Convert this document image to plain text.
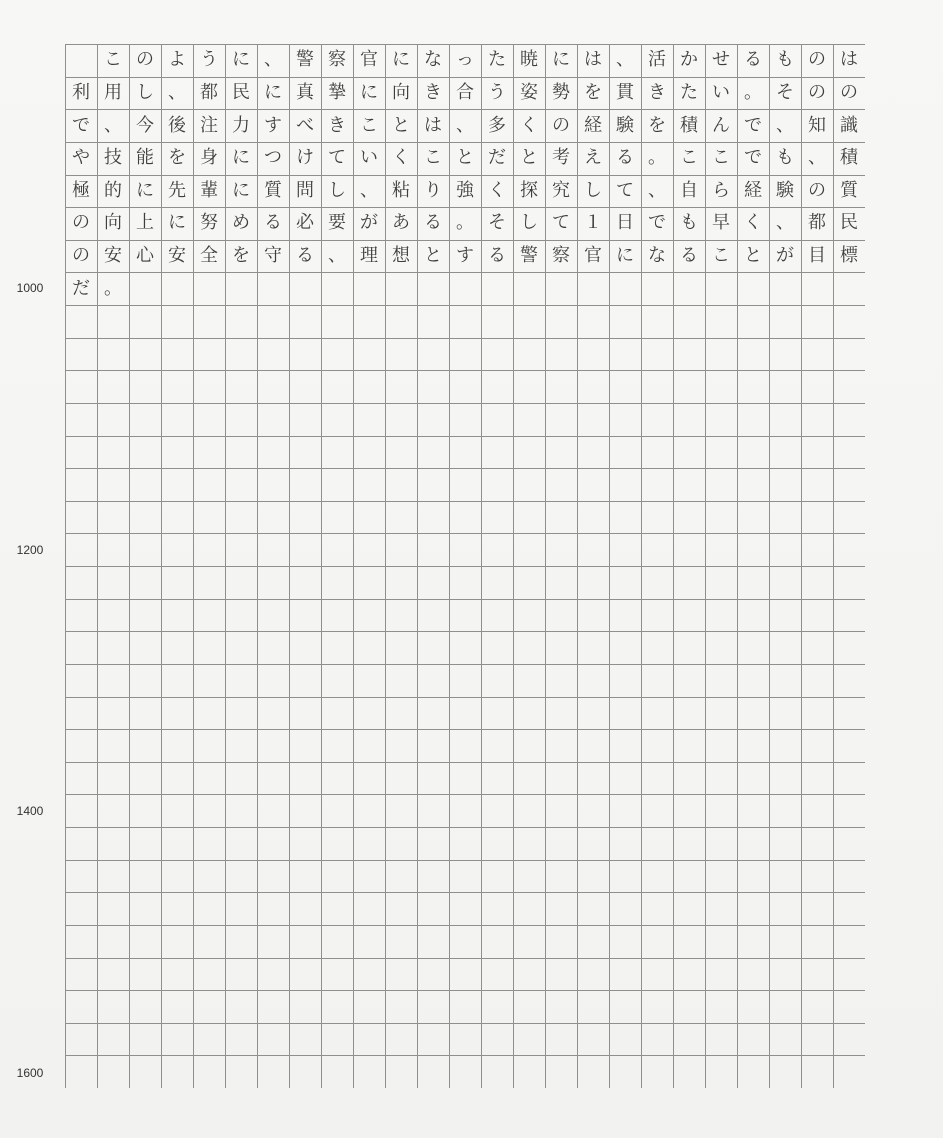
こ の よ う に 、 警 察 官 に な っ た 暁 に は 、 活 か せ る も の は
利 用 し 、 都 民 に 真 摯 に 向 き 合 う 姿 勢 を 貫 き た い 。 そ の の
で 、 今 後 注 力 す べ き こ と は 、 多 く の 経 験 を 積 ん で 、 知 識
や 技 能 を 身 に つ け て い く こ と だ と 考 え る 。 こ こ で も 、 積
極 的 に 先 輩 に 質 問 し 、 粘 り 強 く 探 究 し て 、 自 ら 経 験 の 質
の 向 上 に 努 め る 必 要 が あ る 。 そ し て １ 日 で も 早 く 、 都 民
の 安 心 安 全 を 守 る 、 理 想 と す る 警 察 官 に な る こ と が 目 標
だ 。
1000
1200
1400
1600
